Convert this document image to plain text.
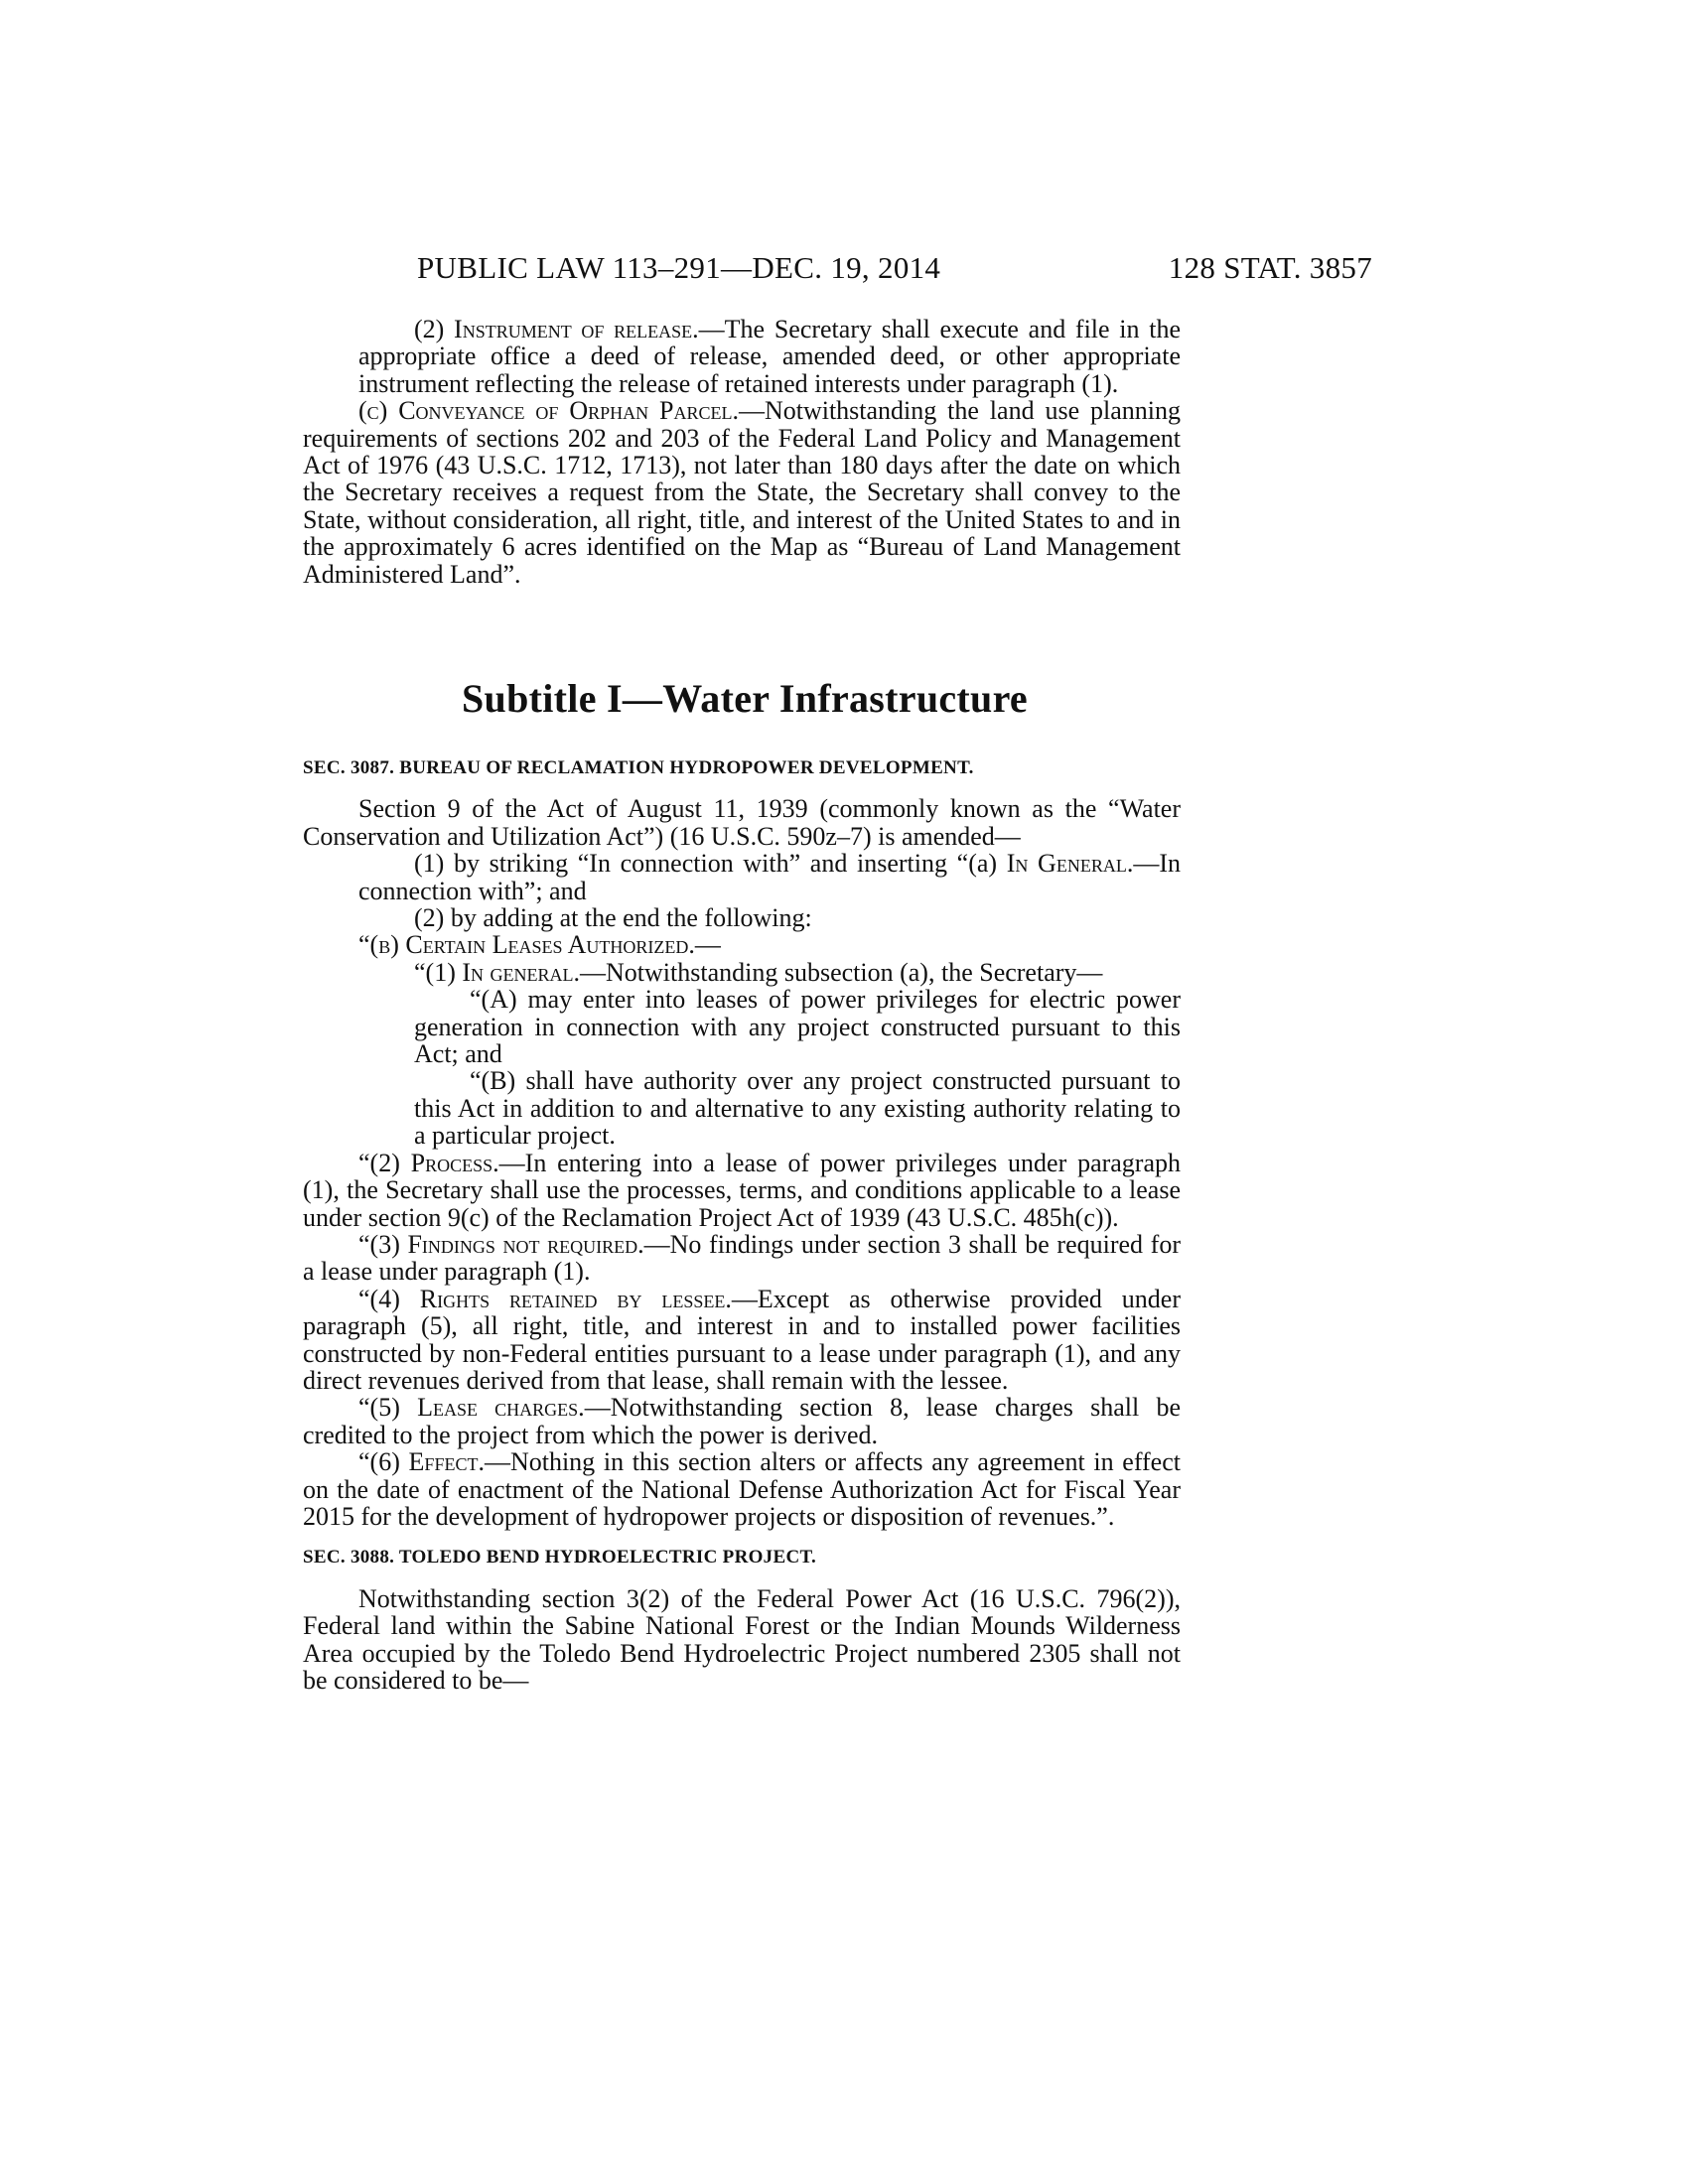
PUBLIC LAW 113–291—DEC. 19, 2014	128 STAT. 3857

(2) Instrument of release.—The Secretary shall execute and file in the appropriate office a deed of release, amended deed, or other appropriate instrument reflecting the release of retained interests under paragraph (1).

(c) Conveyance of Orphan Parcel.—Notwithstanding the land use planning requirements of sections 202 and 203 of the Federal Land Policy and Management Act of 1976 (43 U.S.C. 1712, 1713), not later than 180 days after the date on which the Secretary receives a request from the State, the Secretary shall convey to the State, without consideration, all right, title, and interest of the United States to and in the approximately 6 acres identified on the Map as “Bureau of Land Management Administered Land”.

Subtitle I—Water Infrastructure

SEC. 3087. BUREAU OF RECLAMATION HYDROPOWER DEVELOPMENT.

Section 9 of the Act of August 11, 1939 (commonly known as the “Water Conservation and Utilization Act”) (16 U.S.C. 590z–7) is amended—

(1) by striking “In connection with” and inserting “(a) In General.—In connection with”; and

(2) by adding at the end the following:

“(b) Certain Leases Authorized.—

“(1) In general.—Notwithstanding subsection (a), the Secretary—

“(A) may enter into leases of power privileges for electric power generation in connection with any project constructed pursuant to this Act; and

“(B) shall have authority over any project constructed pursuant to this Act in addition to and alternative to any existing authority relating to a particular project.

“(2) Process.—In entering into a lease of power privileges under paragraph (1), the Secretary shall use the processes, terms, and conditions applicable to a lease under section 9(c) of the Reclamation Project Act of 1939 (43 U.S.C. 485h(c)).

“(3) Findings not required.—No findings under section 3 shall be required for a lease under paragraph (1).

“(4) Rights retained by lessee.—Except as otherwise provided under paragraph (5), all right, title, and interest in and to installed power facilities constructed by non-Federal entities pursuant to a lease under paragraph (1), and any direct revenues derived from that lease, shall remain with the lessee.

“(5) Lease charges.—Notwithstanding section 8, lease charges shall be credited to the project from which the power is derived.

“(6) Effect.—Nothing in this section alters or affects any agreement in effect on the date of enactment of the National Defense Authorization Act for Fiscal Year 2015 for the development of hydropower projects or disposition of revenues.”.

SEC. 3088. TOLEDO BEND HYDROELECTRIC PROJECT.

Notwithstanding section 3(2) of the Federal Power Act (16 U.S.C. 796(2)), Federal land within the Sabine National Forest or the Indian Mounds Wilderness Area occupied by the Toledo Bend Hydroelectric Project numbered 2305 shall not be considered to be—
